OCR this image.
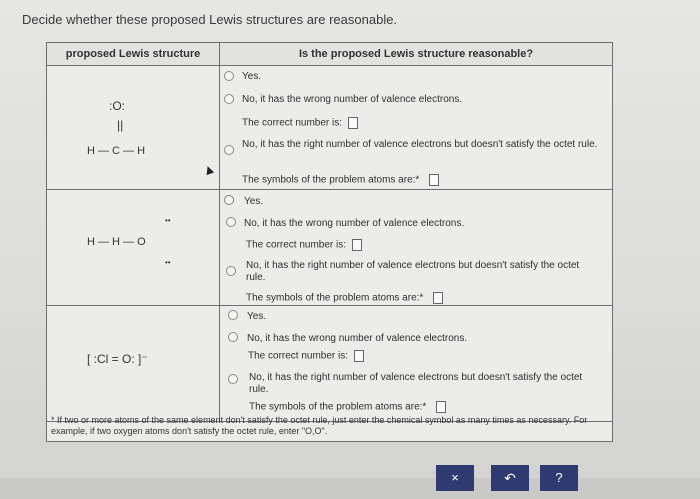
Decide whether these proposed Lewis structures are reasonable.
proposed Lewis structure	Is the proposed Lewis structure reasonable?
:O:
||
H — C — H
Yes.
No, it has the wrong number of valence electrons.
The correct number is:
No, it has the right number of valence electrons but doesn't satisfy the octet rule.
The symbols of the problem atoms are:*
••
H — H — O
••
Yes.
No, it has the wrong number of valence electrons.
The correct number is:
No, it has the right number of valence electrons but doesn't satisfy the octet rule.
The symbols of the problem atoms are:*
[ :Cl = O: ]⁻
Yes.
No, it has the wrong number of valence electrons.
The correct number is:
No, it has the right number of valence electrons but doesn't satisfy the octet rule.
The symbols of the problem atoms are:*
* If two or more atoms of the same element don't satisfy the octet rule, just enter the chemical symbol as many times as necessary. For example, if two oxygen atoms don't satisfy the octet rule, enter "O,O".
×	↶	?
